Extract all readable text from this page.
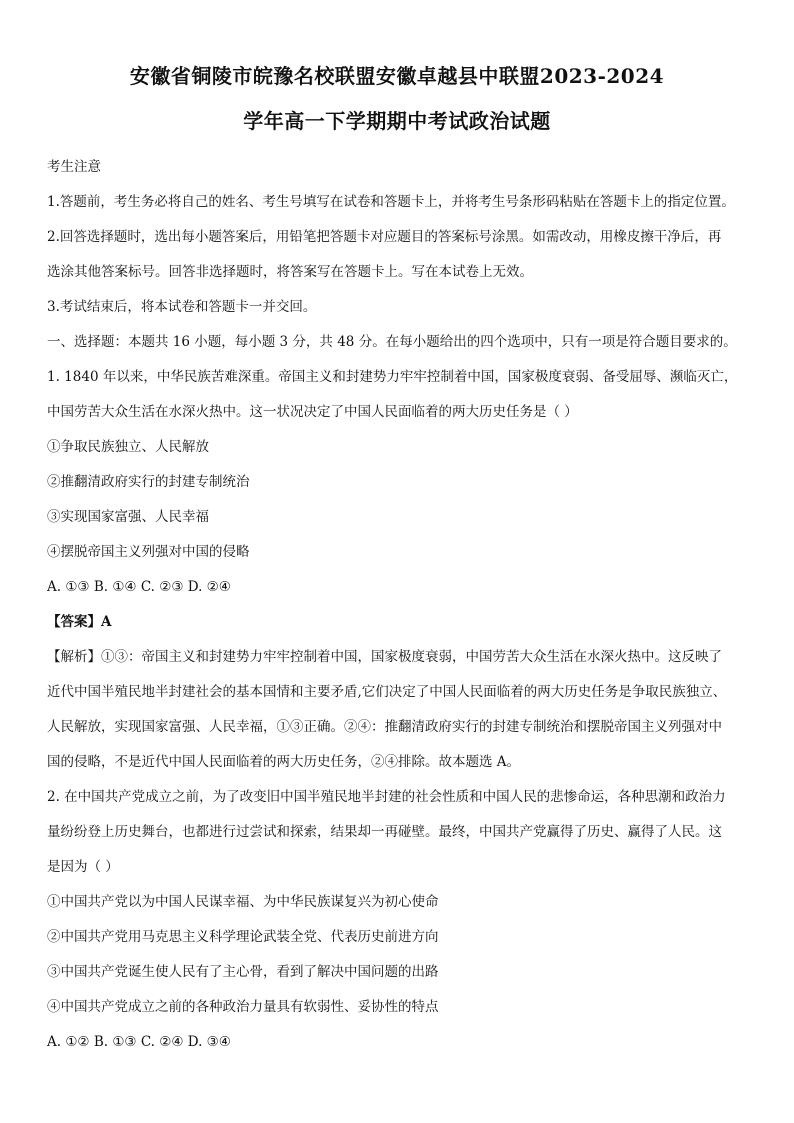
安徽省铜陵市皖豫名校联盟安徽卓越县中联盟2023-2024
学年高一下学期期中考试政治试题
考生注意
1.答题前，考生务必将自己的姓名、考生号填写在试卷和答题卡上，并将考生号条形码粘贴在答题卡上的指定位置。
2.回答选择题时，选出每小题答案后，用铅笔把答题卡对应题目的答案标号涂黑。如需改动，用橡皮擦干净后，再
选涂其他答案标号。回答非选择题时，将答案写在答题卡上。写在本试卷上无效。
3.考试结束后，将本试卷和答题卡一并交回。
一、选择题：本题共 16 小题，每小题 3 分，共 48 分。在每小题给出的四个选项中，只有一项是符合题目要求的。
1. 1840 年以来，中华民族苦难深重。帝国主义和封建势力牢牢控制着中国，国家极度衰弱、备受屈辱、濒临灭亡，
中国劳苦大众生活在水深火热中。这一状况决定了中国人民面临着的两大历史任务是（ ）
①争取民族独立、人民解放
②推翻清政府实行的封建专制统治
③实现国家富强、人民幸福
④摆脱帝国主义列强对中国的侵略
A. ①③ B. ①④ C. ②③ D. ②④
【答案】A
【解析】①③：帝国主义和封建势力牢牢控制着中国，国家极度衰弱，中国劳苦大众生活在水深火热中。这反映了
近代中国半殖民地半封建社会的基本国情和主要矛盾,它们决定了中国人民面临着的两大历史任务是争取民族独立、
人民解放，实现国家富强、人民幸福，①③正确。②④：推翻清政府实行的封建专制统治和摆脱帝国主义列强对中
国的侵略，不是近代中国人民面临着的两大历史任务，②④排除。故本题选 A。
2. 在中国共产党成立之前，为了改变旧中国半殖民地半封建的社会性质和中国人民的悲惨命运，各种思潮和政治力
量纷纷登上历史舞台，也都进行过尝试和探索，结果却一再碰壁。最终，中国共产党赢得了历史、赢得了人民。这
是因为（ ）
①中国共产党以为中国人民谋幸福、为中华民族谋复兴为初心使命
②中国共产党用马克思主义科学理论武装全党、代表历史前进方向
③中国共产党诞生使人民有了主心骨，看到了解决中国问题的出路
④中国共产党成立之前的各种政治力量具有软弱性、妥协性的特点
A. ①② B. ①③ C. ②④ D. ③④
